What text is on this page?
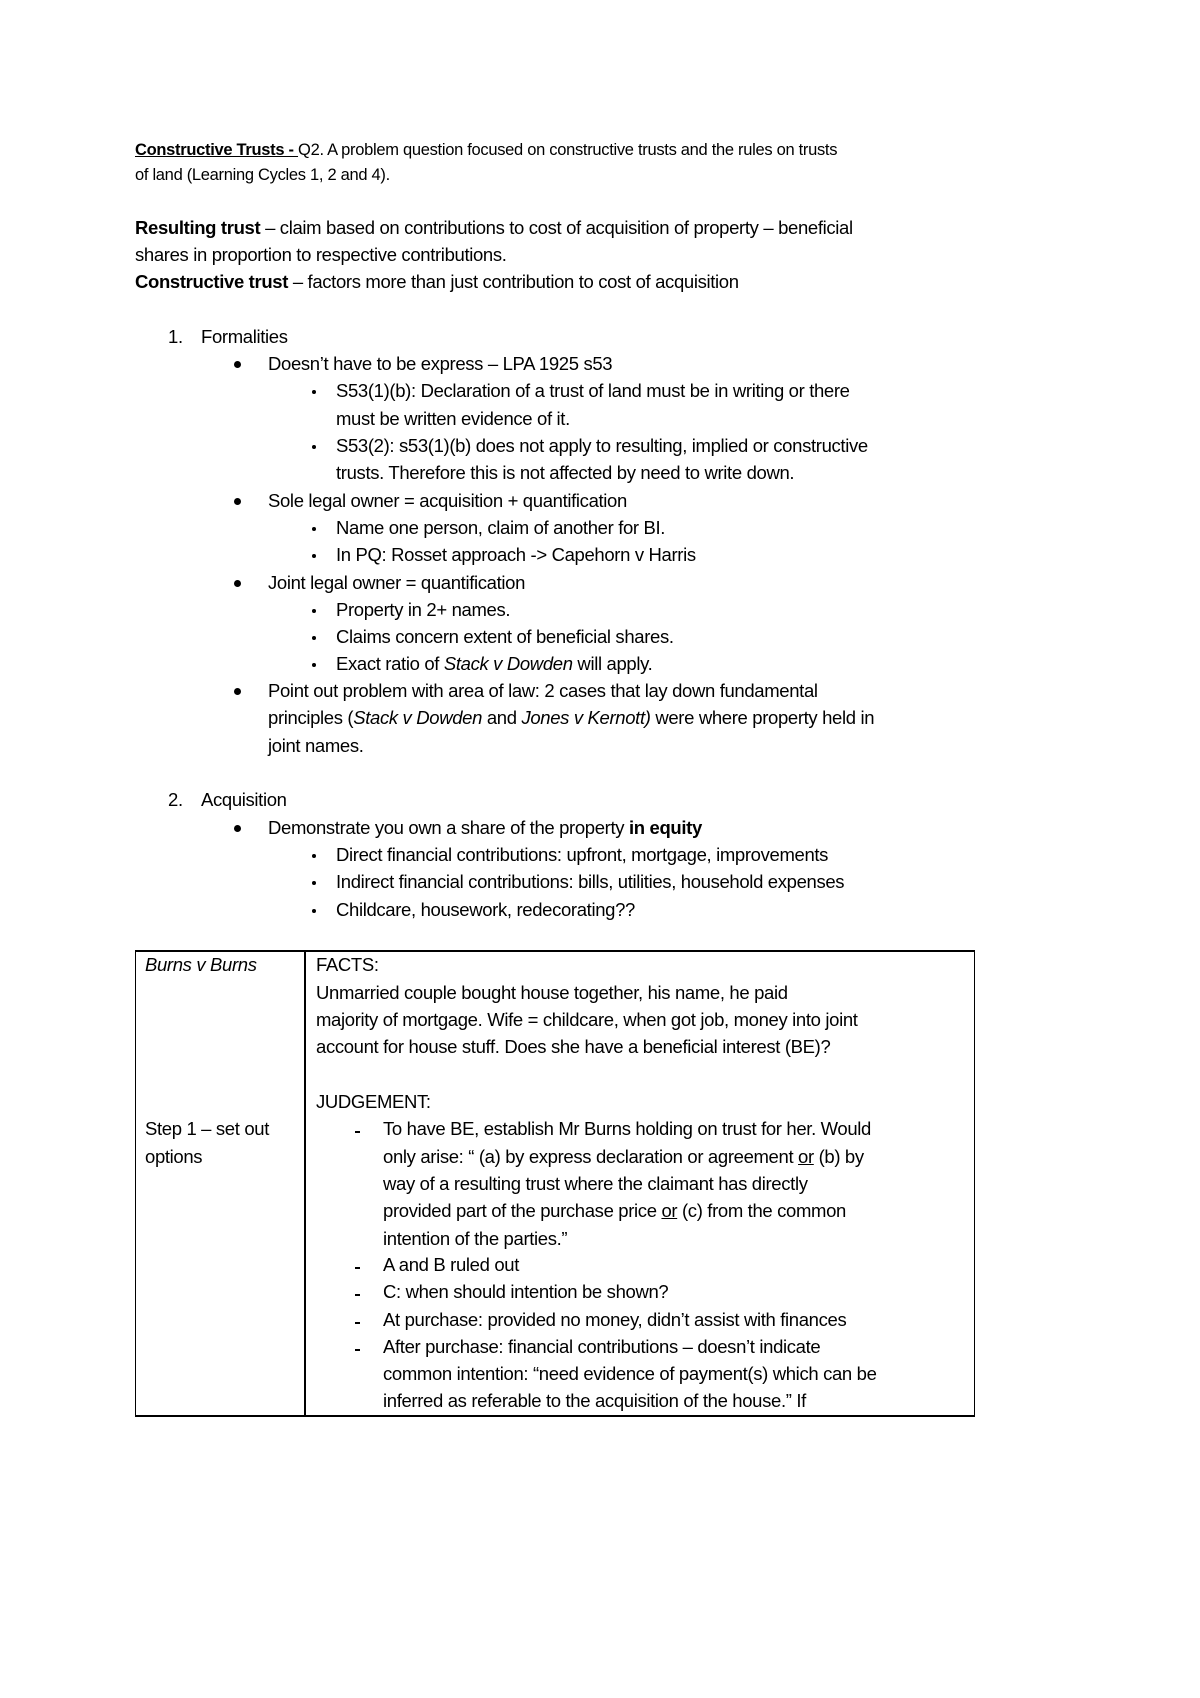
Constructive Trusts - Q2. A problem question focused on constructive trusts and the rules on trusts
of land (Learning Cycles 1, 2 and 4).
Resulting trust – claim based on contributions to cost of acquisition of property – beneficial
shares in proportion to respective contributions.
Constructive trust – factors more than just contribution to cost of acquisition
1. Formalities
Doesn’t have to be express – LPA 1925 s53
S53(1)(b): Declaration of a trust of land must be in writing or there
must be written evidence of it.
S53(2): s53(1)(b) does not apply to resulting, implied or constructive
trusts. Therefore this is not affected by need to write down.
Sole legal owner = acquisition + quantification
Name one person, claim of another for BI.
In PQ: Rosset approach -> Capehorn v Harris
Joint legal owner = quantification
Property in 2+ names.
Claims concern extent of beneficial shares.
Exact ratio of Stack v Dowden will apply.
Point out problem with area of law: 2 cases that lay down fundamental
principles (Stack v Dowden and Jones v Kernott) were where property held in
joint names.
2. Acquisition
Demonstrate you own a share of the property in equity
Direct financial contributions: upfront, mortgage, improvements
Indirect financial contributions: bills, utilities, household expenses
Childcare, housework, redecorating??
Burns v Burns
Step 1 – set out
options
FACTS:
Unmarried couple bought house together, his name, he paid
majority of mortgage. Wife = childcare, when got job, money into joint
account for house stuff. Does she have a beneficial interest (BE)?
JUDGEMENT:
To have BE, establish Mr Burns holding on trust for her. Would
only arise: “ (a) by express declaration or agreement or (b) by
way of a resulting trust where the claimant has directly
provided part of the purchase price or (c) from the common
intention of the parties.”
A and B ruled out
C: when should intention be shown?
At purchase: provided no money, didn’t assist with finances
After purchase: financial contributions – doesn’t indicate
common intention: “need evidence of payment(s) which can be
inferred as referable to the acquisition of the house.” If
